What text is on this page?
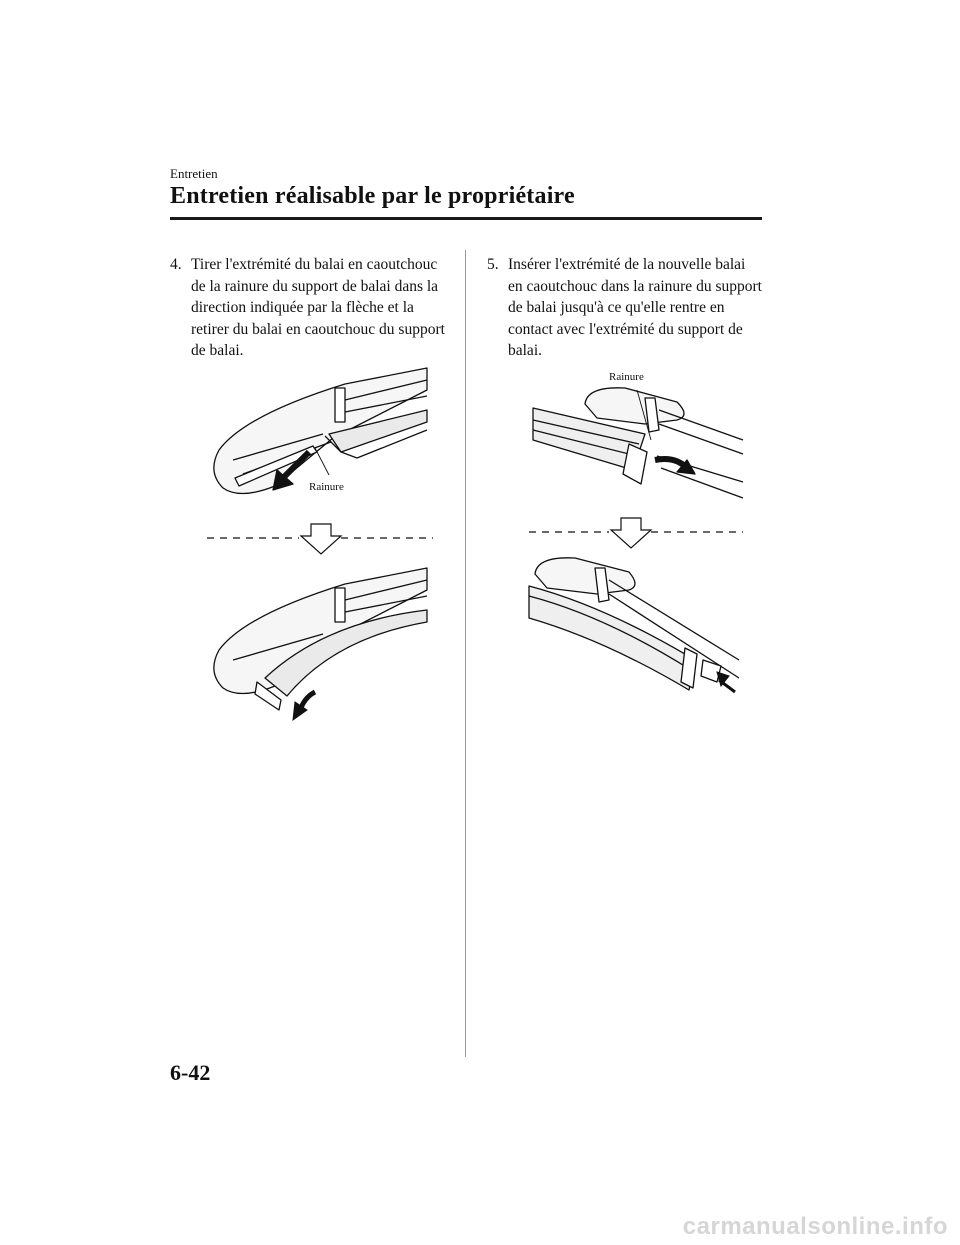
Entretien
Entretien réalisable par le propriétaire
4. Tirer l'extrémité du balai en caoutchouc de la rainure du support de balai dans la direction indiquée par la flèche et la retirer du balai en caoutchouc du support de balai.
5. Insérer l'extrémité de la nouvelle balai en caoutchouc dans la rainure du support de balai jusqu'à ce qu'elle rentre en contact avec l'extrémité du support de balai.
Rainure
Rainure
6-42
carmanualsonline.info
